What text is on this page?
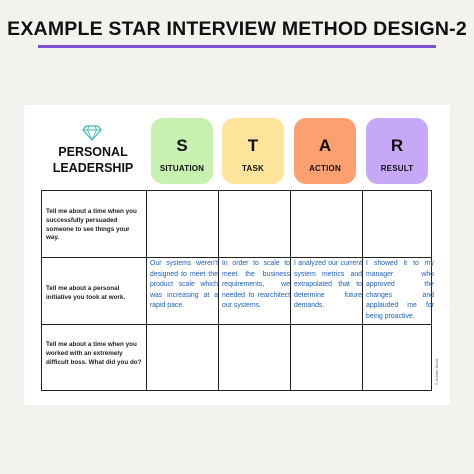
EXAMPLE STAR INTERVIEW METHOD DESIGN-2
PERSONAL
LEADERSHIP
S
SITUATION
T
TASK
A
ACTION
R
RESULT
Tell me about a time when you successfully persuaded someone to see things your way.
Tell me about a personal initiative you took at work.
Tell me about a time when you worked with an extremely difficult boss. What did you do?
Our systems weren't designed to meet the product scale which was increasing at a rapid pace.
In order to scale to meet the business requirements, we needed to rearchitect our systems.
I analyzed our current system metrics and extrapolated that to determine future demands.
I showed it to my manager who approved the changes and applauded me for being proactive.
© Adobe Stock
